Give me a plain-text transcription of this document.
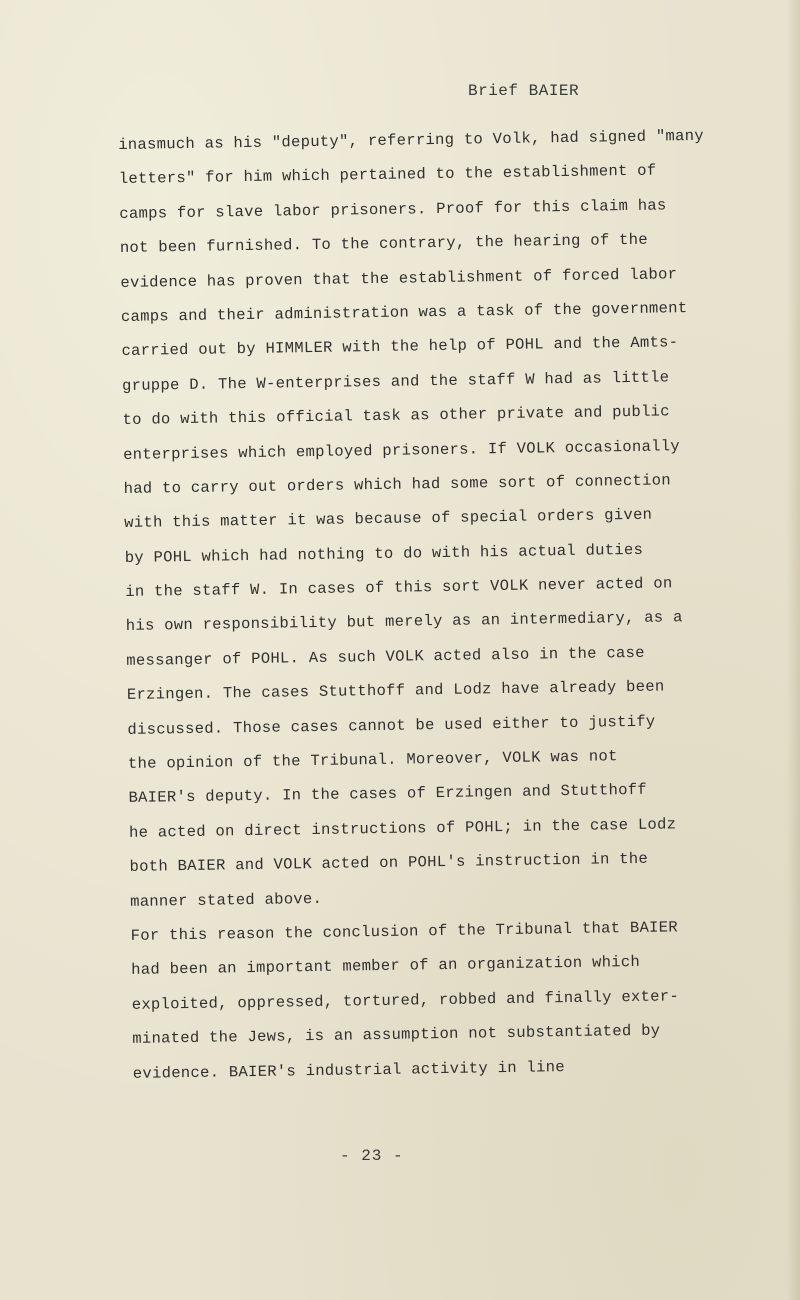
Brief BAIER
inasmuch as his "deputy", referring to Volk, had signed "many
letters" for him which pertained to the establishment of
camps for slave labor prisoners. Proof for this claim has
not been furnished. To the contrary, the hearing of the
evidence has proven that the establishment of forced labor
camps and their administration was a task of the government
carried out by HIMMLER with the help of POHL and the Amts-
gruppe D. The W-enterprises and the staff W had as little
to do with this official task as other private and public
enterprises which employed prisoners. If VOLK occasionally
had to carry out orders which had some sort of connection
with this matter it was because of special orders given
by POHL which had nothing to do with his actual duties
in the staff W. In cases of this sort VOLK never acted on
his own responsibility but merely as an intermediary, as a
messanger of POHL. As such VOLK acted also in the case
Erzingen. The cases Stutthoff and Lodz have already been
discussed. Those cases cannot be used either to justify
the opinion of the Tribunal. Moreover, VOLK was not
BAIER's deputy. In the cases of Erzingen and Stutthoff
he acted on direct instructions of POHL; in the case Lodz
both BAIER and VOLK acted on POHL's instruction in the
manner stated above.
For this reason the conclusion of the Tribunal that BAIER
had been an important member of an organization which
exploited, oppressed, tortured, robbed and finally exter-
minated the Jews, is an assumption not substantiated by
evidence. BAIER's industrial activity in line
- 23 -
